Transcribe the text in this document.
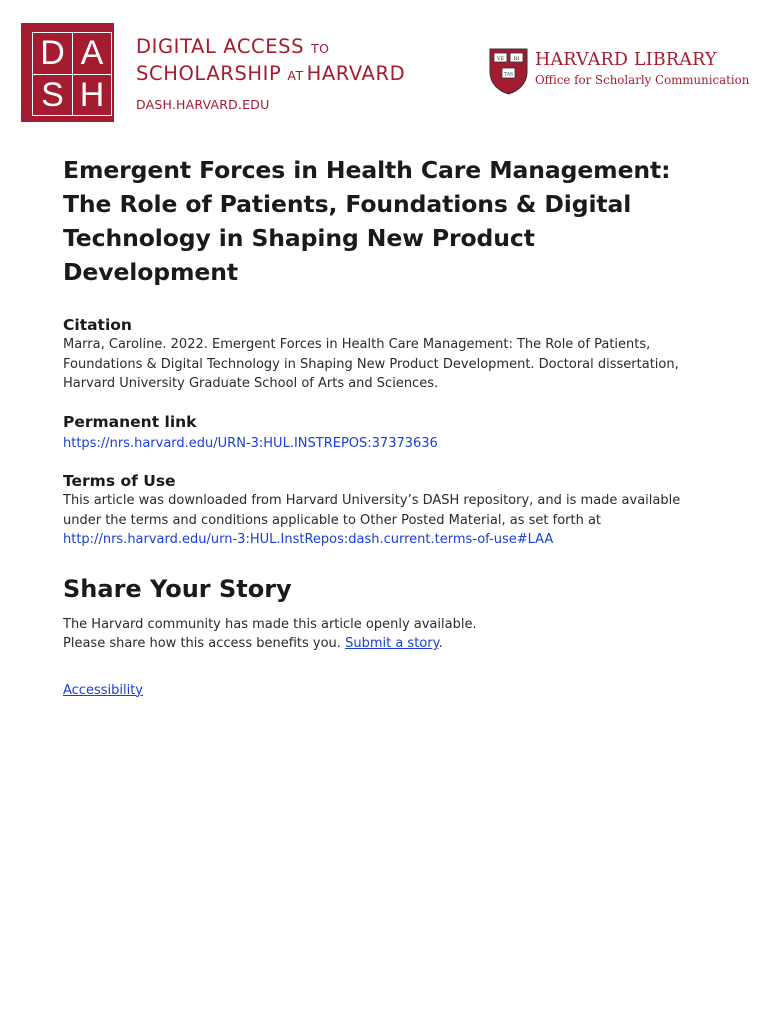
D A
S H
DIGITAL ACCESS TO
SCHOLARSHIP AT HARVARD
DASH.HARVARD.EDU
VE RI
TAS
HARVARD LIBRARY
Office for Scholarly Communication
Emergent Forces in Health Care Management: The Role of Patients, Foundations & Digital Technology in Shaping New Product Development
Citation

Marra, Caroline. 2022. Emergent Forces in Health Care Management: The Role of Patients, Foundations & Digital Technology in Shaping New Product Development. Doctoral dissertation, Harvard University Graduate School of Arts and Sciences.

Permanent link
https://nrs.harvard.edu/URN-3:HUL.INSTREPOS:37373636
Terms of Use

This article was downloaded from Harvard University’s DASH repository, and is made available under the terms and conditions applicable to Other Posted Material, as set forth at http://nrs.harvard.edu/urn-3:HUL.InstRepos:dash.current.terms-of-use#LAA

Share Your Story

The Harvard community has made this article openly available.

Please share how this access benefits you. Submit a story.

Accessibility
